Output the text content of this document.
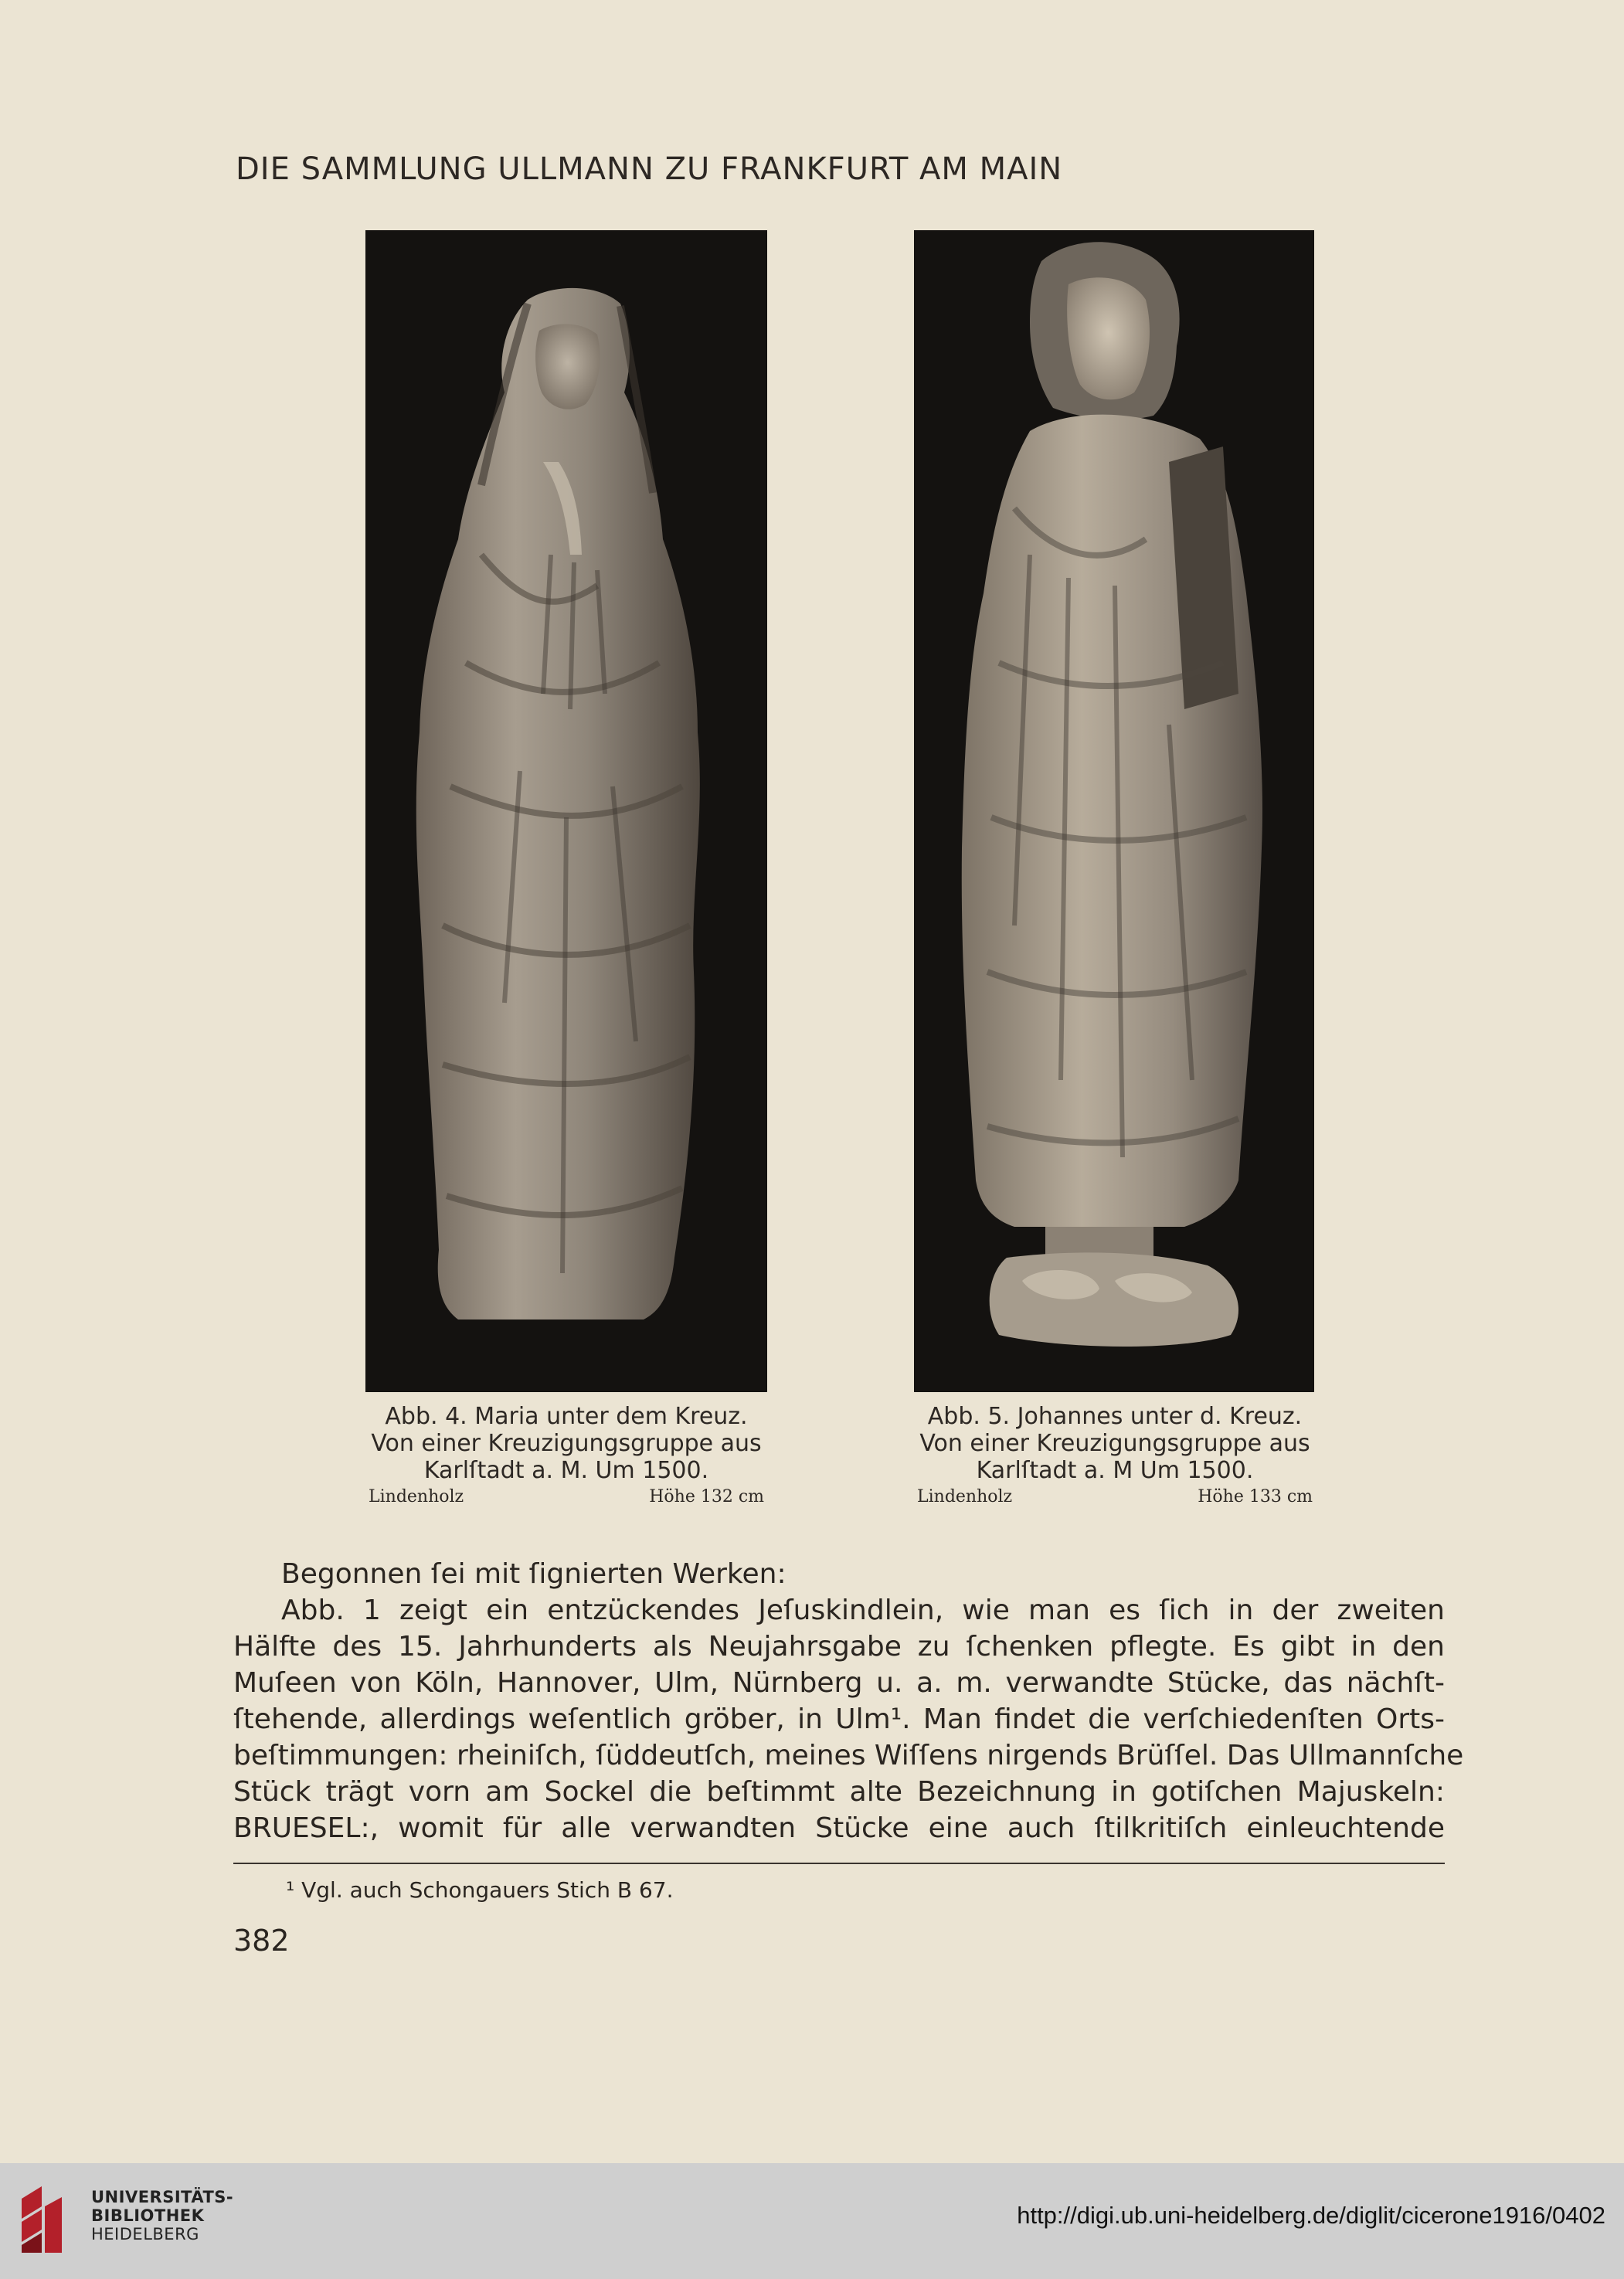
DIE SAMMLUNG ULLMANN ZU FRANKFURT AM MAIN
Abb. 4. Maria unter dem Kreuz.
Von einer Kreuzigungsgruppe aus
Karlſtadt a. M. Um 1500.
Lindenholz	Höhe 132 cm
Abb. 5. Johannes unter d. Kreuz.
Von einer Kreuzigungsgruppe aus
Karlſtadt a. M Um 1500.
Lindenholz	Höhe 133 cm
Begonnen ſei mit ſignierten Werken:
Abb. 1 zeigt ein entzückendes Jeſuskindlein, wie man es ſich in der zweiten
Hälfte des 15. Jahrhunderts als Neujahrsgabe zu ſchenken pflegte. Es gibt in den
Muſeen von Köln, Hannover, Ulm, Nürnberg u. a. m. verwandte Stücke, das nächſt-
ſtehende, allerdings weſentlich gröber, in Ulm¹. Man findet die verſchiedenſten Orts-
beſtimmungen: rheiniſch, ſüddeutſch, meines Wiſſens nirgends Brüſſel. Das Ullmannſche
Stück trägt vorn am Sockel die beſtimmt alte Bezeichnung in gotiſchen Majuskeln:
BRUESEL:, womit für alle verwandten Stücke eine auch ſtilkritiſch einleuchtende
¹ Vgl. auch Schongauers Stich B 67.
382
UNIVERSITÄTS-
BIBLIOTHEK
HEIDELBERG
http://digi.ub.uni-heidelberg.de/diglit/cicerone1916/0402
